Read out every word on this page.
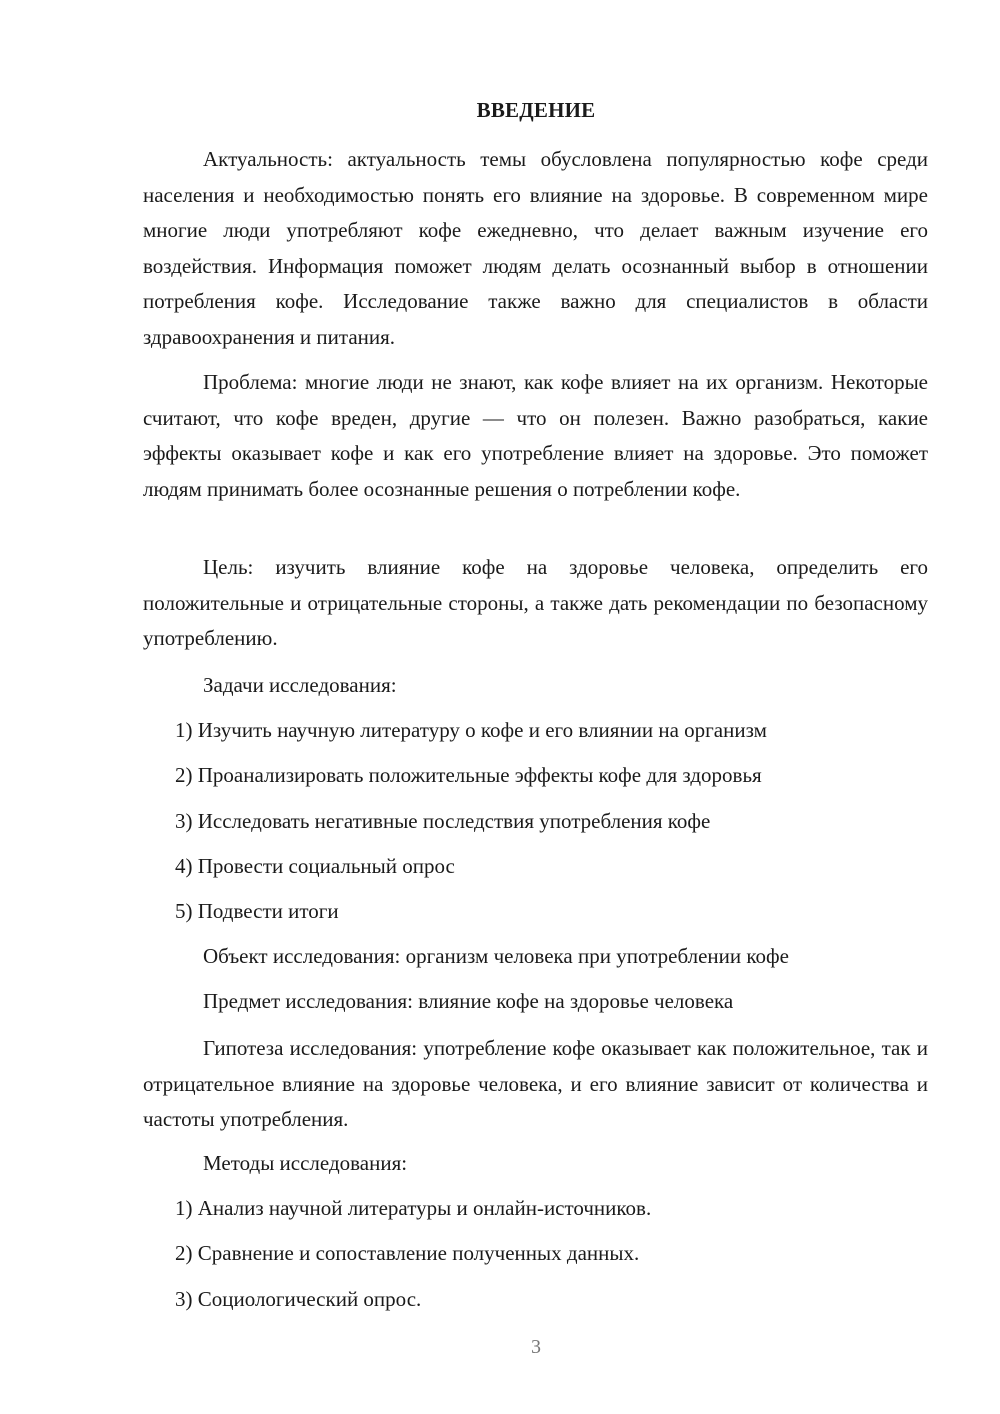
ВВЕДЕНИЕ

Актуальность: актуальность темы обусловлена популярностью кофе среди населения и необходимостью понять его влияние на здоровье. В современном мире многие люди употребляют кофе ежедневно, что делает важным изучение его воздействия. Информация поможет людям делать осознанный выбор в отношении потребления кофе. Исследование также важно для специалистов в области здравоохранения и питания.

Проблема: многие люди не знают, как кофе влияет на их организм. Некоторые считают, что кофе вреден, другие — что он полезен. Важно разобраться, какие эффекты оказывает кофе и как его употребление влияет на здоровье. Это поможет людям принимать более осознанные решения о потреблении кофе.

Цель: изучить влияние кофе на здоровье человека, определить его положительные и отрицательные стороны, а также дать рекомендации по безопасному употреблению.

Задачи исследования:
1) Изучить научную литературу о кофе и его влиянии на организм
2) Проанализировать положительные эффекты кофе для здоровья
3) Исследовать негативные последствия употребления кофе
4) Провести социальный опрос
5) Подвести итоги
Объект исследования: организм человека при употреблении кофе
Предмет исследования: влияние кофе на здоровье человека

Гипотеза исследования: употребление кофе оказывает как положительное, так и отрицательное влияние на здоровье человека, и его влияние зависит от количества и частоты употребления.

Методы исследования:
1) Анализ научной литературы и онлайн-источников.
2) Сравнение и сопоставление полученных данных.
3) Социологический опрос.
3
